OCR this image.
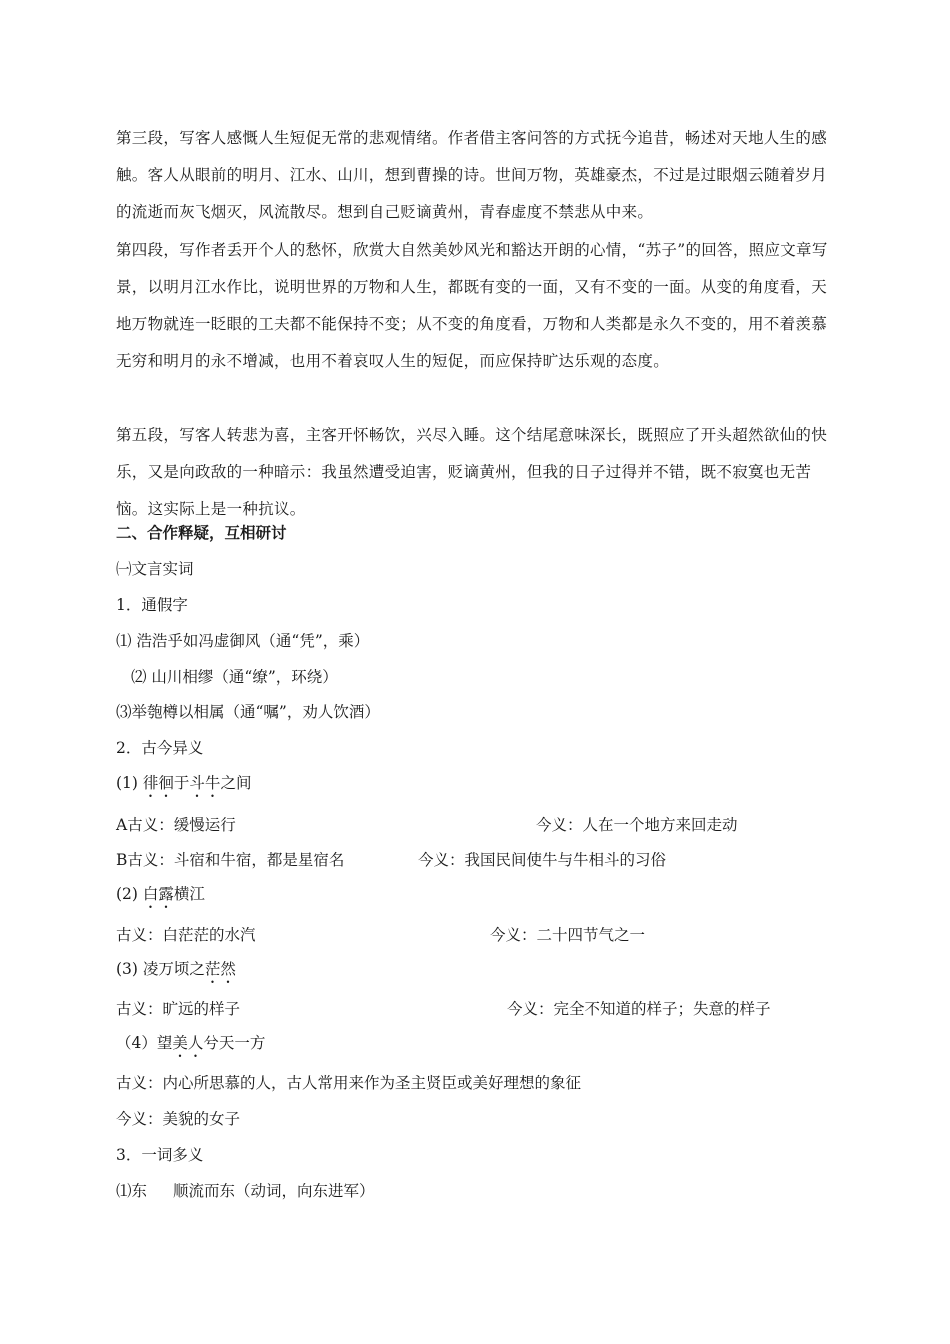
第三段，写客人感慨人生短促无常的悲观情绪。作者借主客问答的方式抚今追昔，畅述对天地人生的感触。客人从眼前的明月、江水、山川，想到曹操的诗。世间万物，英雄豪杰，不过是过眼烟云随着岁月的流逝而灰飞烟灭，风流散尽。想到自己贬谪黄州，青春虚度不禁悲从中来。

第四段，写作者丢开个人的愁怀，欣赏大自然美妙风光和豁达开朗的心情，“苏子”的回答，照应文章写景，以明月江水作比，说明世界的万物和人生，都既有变的一面，又有不变的一面。从变的角度看，天地万物就连一眨眼的工夫都不能保持不变；从不变的角度看，万物和人类都是永久不变的，用不着羡慕无穷和明月的永不增减，也用不着哀叹人生的短促，而应保持旷达乐观的态度。

第五段，写客人转悲为喜，主客开怀畅饮，兴尽入睡。这个结尾意味深长，既照应了开头超然欲仙的快乐，又是向政敌的一种暗示：我虽然遭受迫害，贬谪黄州，但我的日子过得并不错，既不寂寞也无苦恼。这实际上是一种抗议。

二、合作释疑，互相研讨
㈠文言实词
1．通假字
⑴ 浩浩乎如冯虚御风（通“凭”，乘）
⑵ 山川相缪（通“缭”，环绕）
⑶举匏樽以相属（通“嘱”，劝人饮酒）
2．古今异义
(1) 徘徊于斗牛之间
A古义：缓慢运行	今义：人在一个地方来回走动
B古义：斗宿和牛宿，都是星宿名	今义：我国民间使牛与牛相斗的习俗
(2) 白露横江
古义：白茫茫的水汽	今义：二十四节气之一
(3) 凌万顷之茫然
古义：旷远的样子	今义：完全不知道的样子；失意的样子
（4）望美人兮天一方
古义：内心所思慕的人，古人常用来作为圣主贤臣或美好理想的象征
今义：美貌的女子
3．一词多义
⑴东 顺流而东（动词，向东进军）
